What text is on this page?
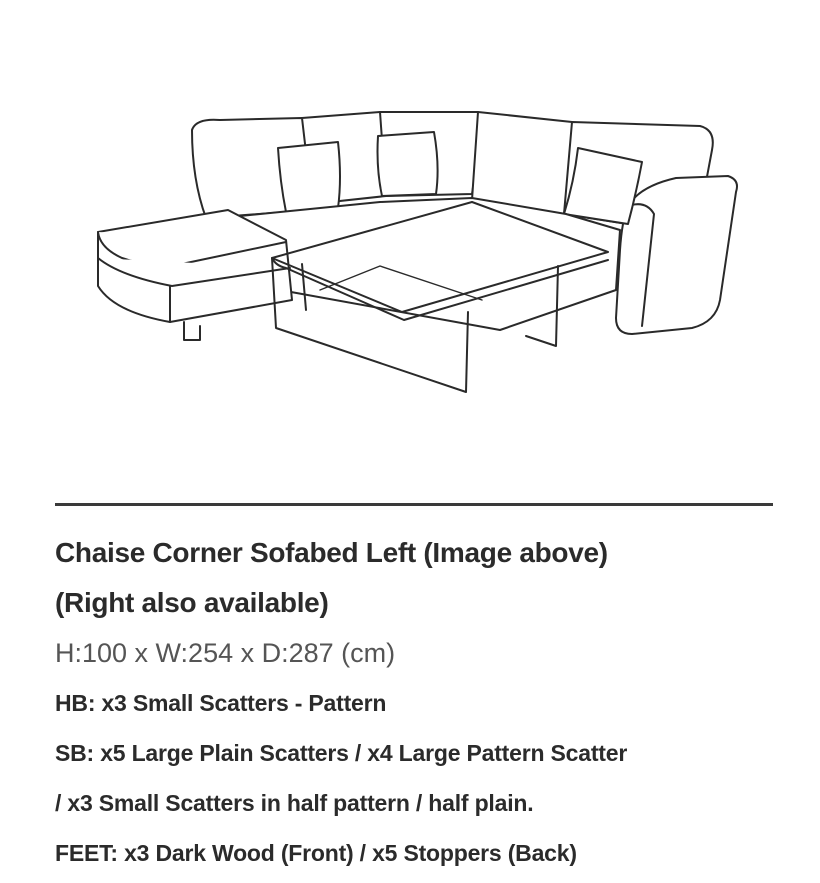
Chaise Corner Sofabed Left (Image above)

(Right also available)

H:100 x W:254 x D:287 (cm)

HB: x3 Small Scatters - Pattern

SB: x5 Large Plain Scatters / x4 Large Pattern Scatter

/ x3 Small Scatters in half pattern / half plain.

FEET: x3 Dark Wood (Front) / x5 Stoppers (Back)
